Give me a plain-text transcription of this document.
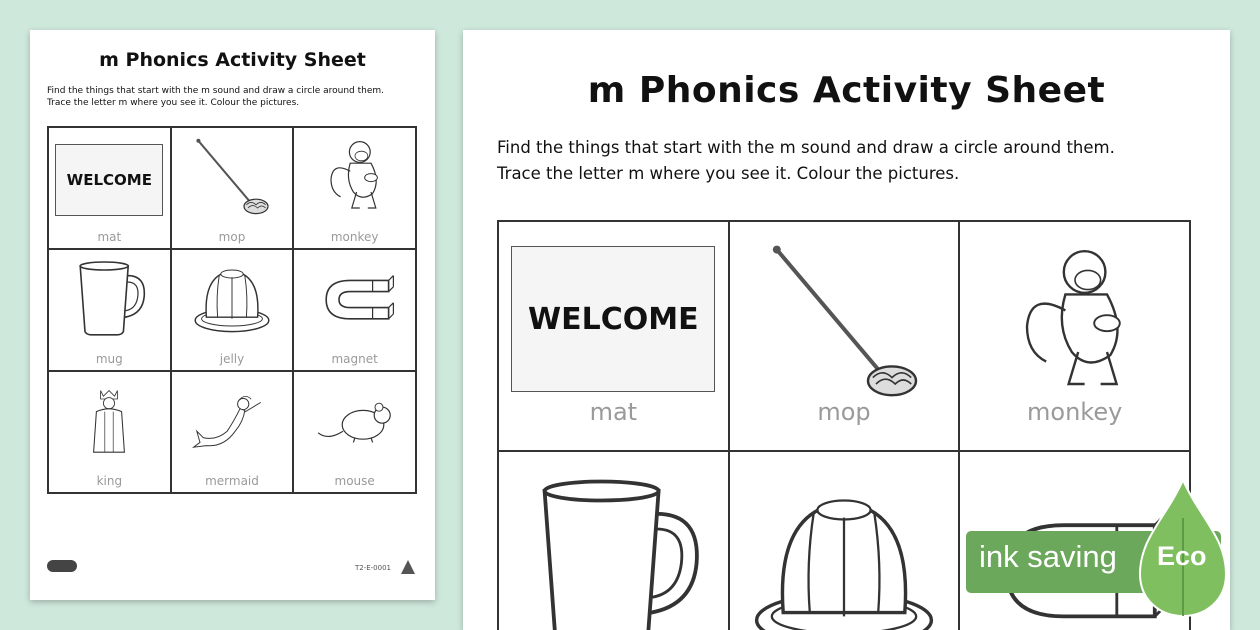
m Phonics Activity Sheet
Find the things that start with the m sound and draw a circle around them.
Trace the letter m where you see it. Colour the pictures.
WELCOME
mat	mop	monkey
mug	jelly	magnet
king	mermaid	mouse
T2-E-0001
m Phonics Activity Sheet
Find the things that start with the m sound and draw a circle around them.
Trace the letter m where you see it. Colour the pictures.
WELCOME
mat	mop	monkey
ink saving Eco
